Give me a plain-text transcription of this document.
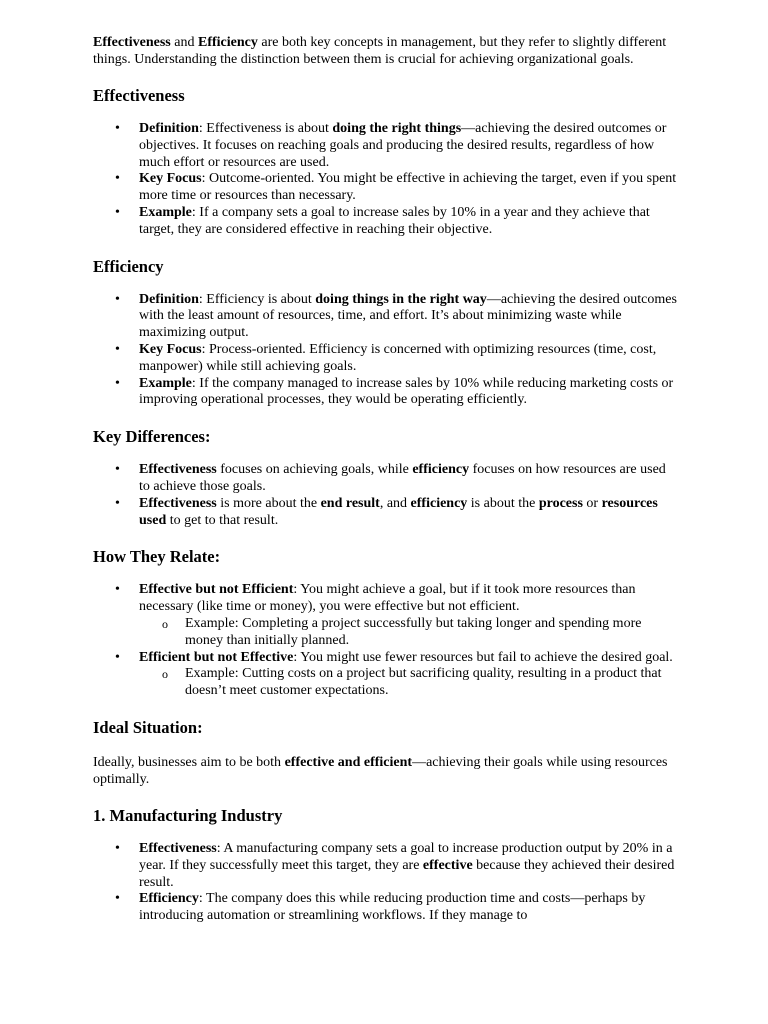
Effectiveness and Efficiency are both key concepts in management, but they refer to slightly different things. Understanding the distinction between them is crucial for achieving organizational goals.

Effectiveness
• Definition: Effectiveness is about doing the right things—achieving the desired outcomes or objectives. It focuses on reaching goals and producing the desired results, regardless of how much effort or resources are used.
• Key Focus: Outcome-oriented. You might be effective in achieving the target, even if you spent more time or resources than necessary.
• Example: If a company sets a goal to increase sales by 10% in a year and they achieve that target, they are considered effective in reaching their objective.
Efficiency
• Definition: Efficiency is about doing things in the right way—achieving the desired outcomes with the least amount of resources, time, and effort. It’s about minimizing waste while maximizing output.
• Key Focus: Process-oriented. Efficiency is concerned with optimizing resources (time, cost, manpower) while still achieving goals.
• Example: If the company managed to increase sales by 10% while reducing marketing costs or improving operational processes, they would be operating efficiently.
Key Differences:
• Effectiveness focuses on achieving goals, while efficiency focuses on how resources are used to achieve those goals.
• Effectiveness is more about the end result, and efficiency is about the process or resources used to get to that result.
How They Relate:
• Effective but not Efficient: You might achieve a goal, but if it took more resources than necessary (like time or money), you were effective but not efficient.
o Example: Completing a project successfully but taking longer and spending more money than initially planned.
• Efficient but not Effective: You might use fewer resources but fail to achieve the desired goal.
o Example: Cutting costs on a project but sacrificing quality, resulting in a product that doesn’t meet customer expectations.
Ideal Situation:

Ideally, businesses aim to be both effective and efficient—achieving their goals while using resources optimally.

1. Manufacturing Industry
• Effectiveness: A manufacturing company sets a goal to increase production output by 20% in a year. If they successfully meet this target, they are effective because they achieved their desired result.
• Efficiency: The company does this while reducing production time and costs—perhaps by introducing automation or streamlining workflows. If they manage to
